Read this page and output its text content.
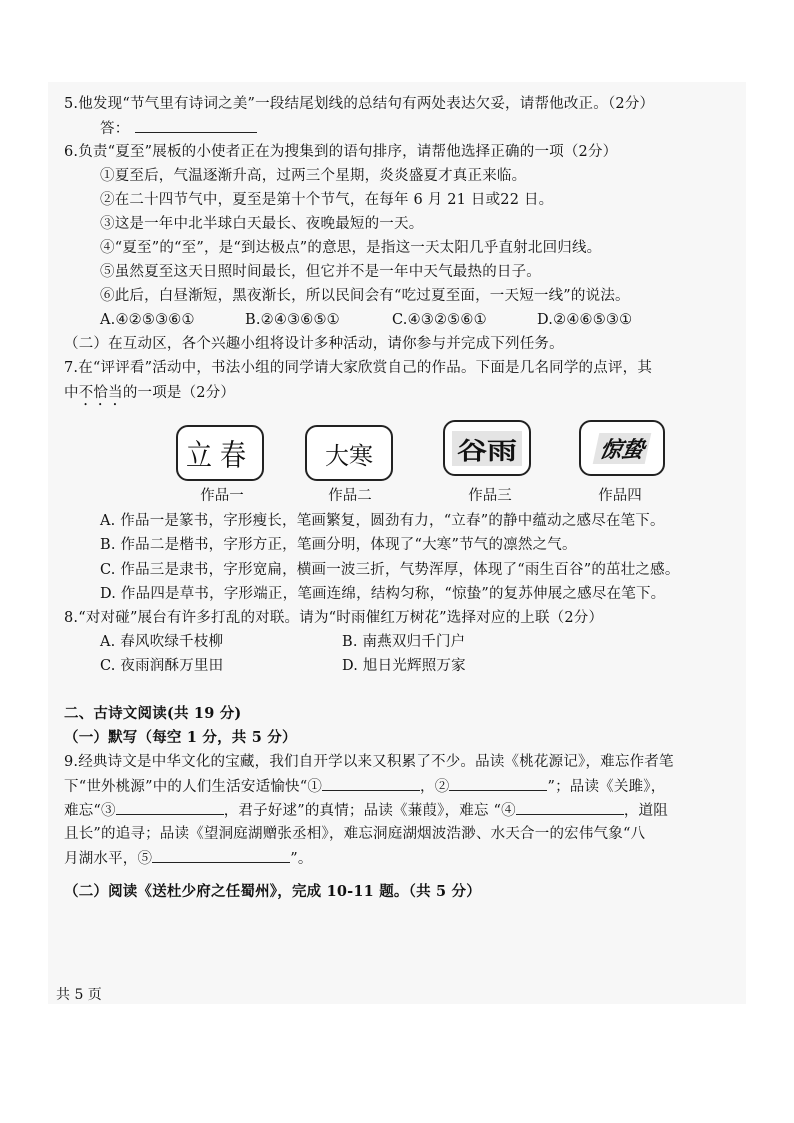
5.他发现“节气里有诗词之美”一段结尾划线的总结句有两处表达欠妥，请帮他改正。（2分）
答：
6.负责“夏至”展板的小使者正在为搜集到的语句排序，请帮他选择正确的一项（2分）
①夏至后，气温逐渐升高，过两三个星期，炎炎盛夏才真正来临。
②在二十四节气中，夏至是第十个节气，在每年 6 月 21 日或22 日。
③这是一年中北半球白天最长、夜晚最短的一天。
④“夏至”的“至”，是“到达极点”的意思，是指这一天太阳几乎直射北回归线。
⑤虽然夏至这天日照时间最长，但它并不是一年中天气最热的日子。
⑥此后，白昼渐短，黑夜渐长，所以民间会有“吃过夏至面，一天短一线”的说法。
A.④②⑤③⑥①	B.②④③⑥⑤①	C.④③②⑤⑥①	D.②④⑥⑤③①
（二）在互动区，各个兴趣小组将设计多种活动，请你参与并完成下列任务。
7.在“评评看”活动中，书法小组的同学请大家欣赏自己的作品。下面是几名同学的点评，其
中不恰当的一项是（2分）
立春	大寒	谷雨	惊蛰
作品一	作品二	作品三	作品四
A. 作品一是篆书，字形瘦长，笔画繁复，圆劲有力，“立春”的静中蕴动之感尽在笔下。
B. 作品二是楷书，字形方正，笔画分明，体现了“大寒”节气的凛然之气。
C. 作品三是隶书，字形宽扁，横画一波三折，气势浑厚，体现了“雨生百谷”的茁壮之感。
D. 作品四是草书，字形端正，笔画连绵，结构匀称，“惊蛰”的复苏伸展之感尽在笔下。
8.“对对碰”展台有许多打乱的对联。请为“时雨催红万树花”选择对应的上联（2分）
A. 春风吹绿千枝柳	B. 南燕双归千门户
C. 夜雨润酥万里田	D. 旭日光辉照万家
二、古诗文阅读(共 19 分)
（一）默写（每空 1 分，共 5 分）
9.经典诗文是中华文化的宝藏，我们自开学以来又积累了不少。品读《桃花源记》，难忘作者笔
下“世外桃源”中的人们生活安适愉快“①	，②	”；品读《关雎》，
难忘“③	，君子好逑”的真情；品读《蒹葭》，难忘 “④	，道阻
且长”的追寻；品读《望洞庭湖赠张丞相》，难忘洞庭湖烟波浩渺、水天合一的宏伟气象“八
月湖水平，⑤	”。
（二）阅读《送杜少府之任蜀州》，完成 10-11 题。（共 5 分）
共 5 页
